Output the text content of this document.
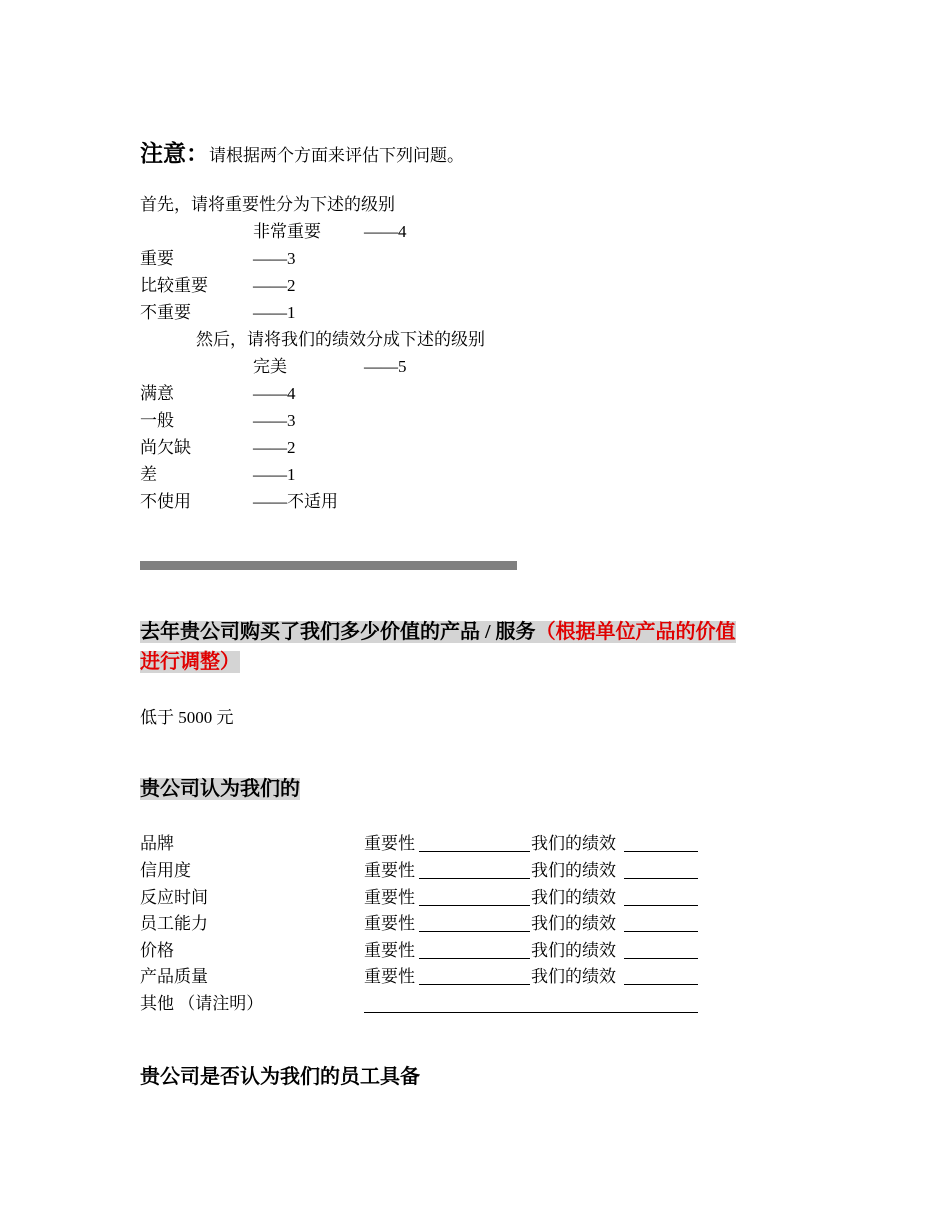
注意：请根据两个方面来评估下列问题。
首先，请将重要性分为下述的级别
非常重要	——4
重要	——3
比较重要	——2
不重要	——1
然后，请将我们的绩效分成下述的级别
完美	——5
满意	——4
一般	——3
尚欠缺	——2
差	——1
不使用	——不适用
去年贵公司购买了我们多少价值的产品 / 服务（根据单位产品的价值
进行调整）
低于 5000 元
贵公司认为我们的
品牌	重要性	我们的绩效
信用度	重要性	我们的绩效
反应时间	重要性	我们的绩效
员工能力	重要性	我们的绩效
价格	重要性	我们的绩效
产品质量	重要性	我们的绩效
其他 （请注明）
贵公司是否认为我们的员工具备
